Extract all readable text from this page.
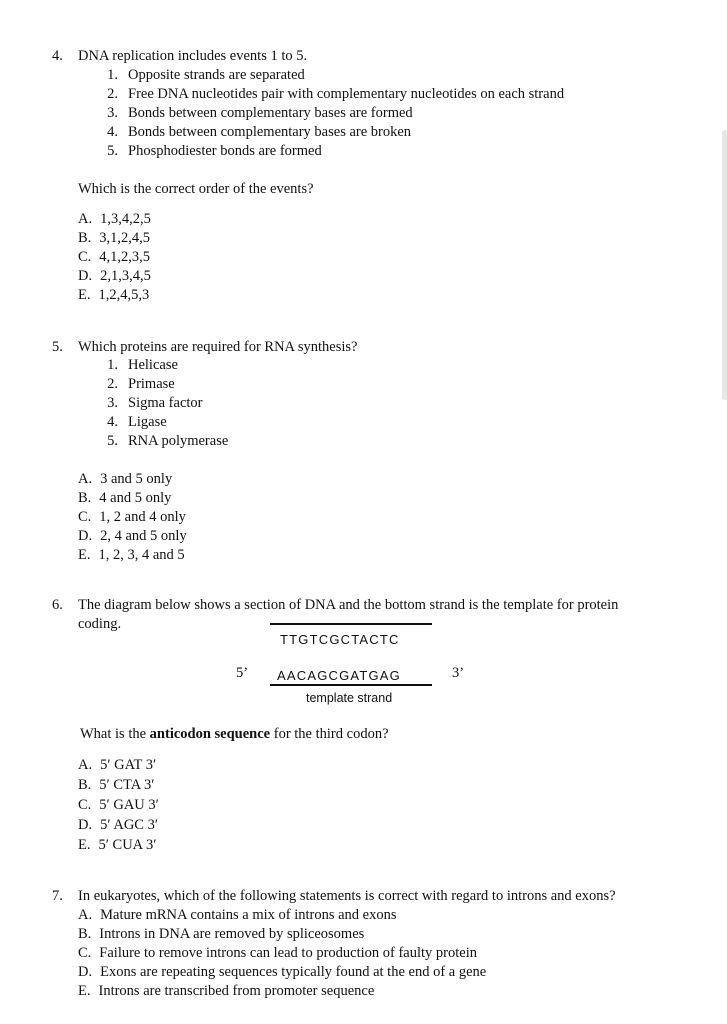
4. DNA replication includes events 1 to 5.
1. Opposite strands are separated
2. Free DNA nucleotides pair with complementary nucleotides on each strand
3. Bonds between complementary bases are formed
4. Bonds between complementary bases are broken
5. Phosphodiester bonds are formed
Which is the correct order of the events?
A. 1,3,4,2,5
B. 3,1,2,4,5
C. 4,1,2,3,5
D. 2,1,3,4,5
E. 1,2,4,5,3
5. Which proteins are required for RNA synthesis?
1. Helicase
2. Primase
3. Sigma factor
4. Ligase
5. RNA polymerase
A. 3 and 5 only
B. 4 and 5 only
C. 1, 2 and 4 only
D. 2, 4 and 5 only
E. 1, 2, 3, 4 and 5
6. The diagram below shows a section of DNA and the bottom strand is the template for protein
coding.
TTGTCGCTACTC
5’ AACAGCGATGAG	3’
template strand
What is the anticodon sequence for the third codon?
A. 5′ GAT 3′
B. 5′ CTA 3′
C. 5′ GAU 3′
D. 5′ AGC 3′
E. 5′ CUA 3′
7. In eukaryotes, which of the following statements is correct with regard to introns and exons?
A. Mature mRNA contains a mix of introns and exons
B. Introns in DNA are removed by spliceosomes
C. Failure to remove introns can lead to production of faulty protein
D. Exons are repeating sequences typically found at the end of a gene
E. Introns are transcribed from promoter sequence
